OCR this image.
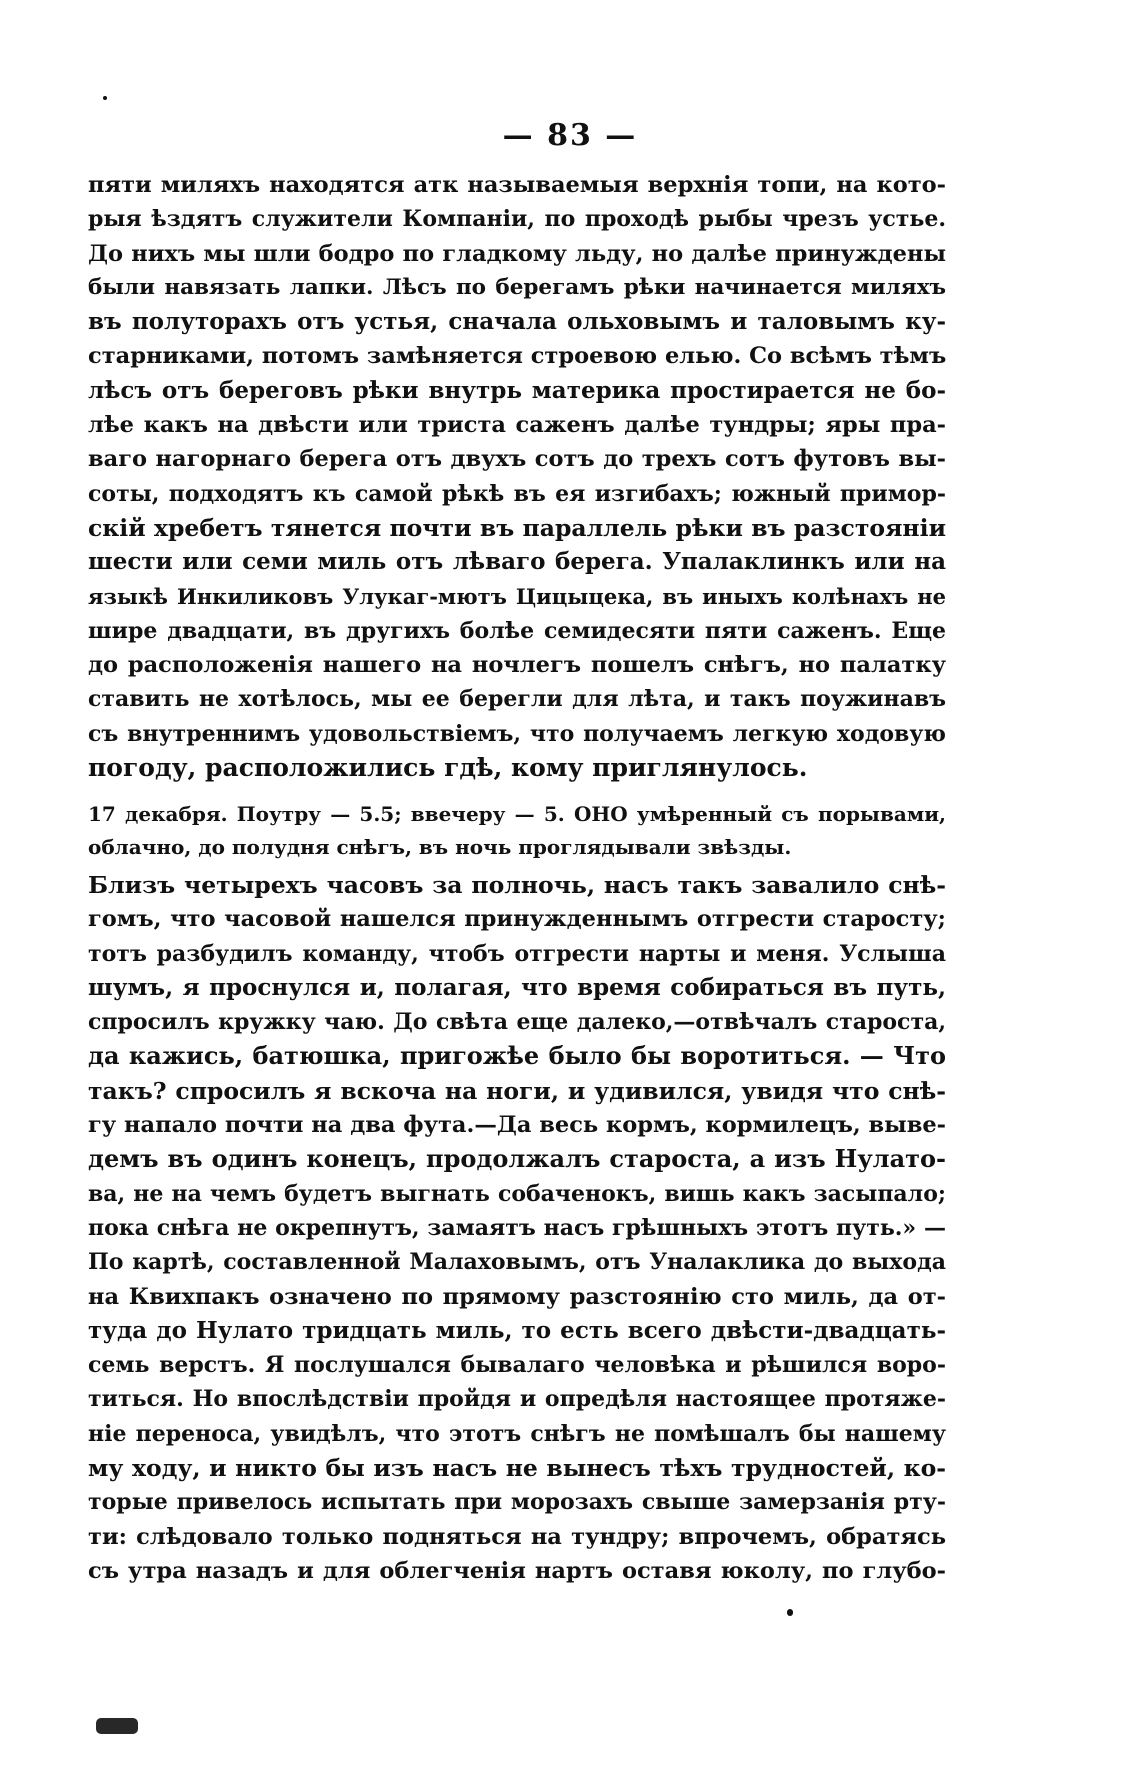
— 83 —
пяти миляхъ находятся атк называемыя верхнія топи, на кото-
рыя ѣздятъ служители Компаніи, по проходѣ рыбы чрезъ устье.
До нихъ мы шли бодро по гладкому льду, но далѣе принуждены
были навязать лапки. Лѣсъ по берегамъ рѣки начинается миляхъ
въ полуторахъ отъ устья, сначала ольховымъ и таловымъ ку-
старниками, потомъ замѣняется строевою елью. Со всѣмъ тѣмъ
лѣсъ отъ береговъ рѣки внутрь материка простирается не бо-
лѣе какъ на двѣсти или триста саженъ далѣе тундры; яры пра-
ваго нагорнаго берега отъ двухъ сотъ до трехъ сотъ футовъ вы-
соты, подходятъ къ самой рѣкѣ въ ея изгибахъ; южный примор-
скій хребетъ тянется почти въ параллель рѣки въ разстояніи
шести или семи миль отъ лѣваго берега. Упалаклинкъ или на
языкѣ Инкиликовъ Улукаг-мютъ Цицыцека, въ иныхъ колѣнахъ не
шире двадцати, въ другихъ болѣе семидесяти пяти саженъ. Еще
до расположенія нашего на ночлегъ пошелъ снѣгъ, но палатку
ставить не хотѣлось, мы ее берегли для лѣта, и такъ поужинавъ
съ внутреннимъ удовольствіемъ, что получаемъ легкую ходовую
погоду, расположились гдѣ, кому приглянулось.
17 декабря. Поутру — 5.5; ввечеру — 5. ОНО умѣренный съ порывами,
облачно, до полудня снѣгъ, въ ночь проглядывали звѣзды.
Близъ четырехъ часовъ за полночь, насъ такъ завалило снѣ-
гомъ, что часовой нашелся принужденнымъ отгрести старосту;
тотъ разбудилъ команду, чтобъ отгрести нарты и меня. Услыша
шумъ, я проснулся и, полагая, что время собираться въ путь,
спросилъ кружку чаю. До свѣта еще далеко,—отвѣчалъ староста,
да кажись, батюшка, пригожѣе было бы воротиться. — Что
такъ? спросилъ я вскоча на ноги, и удивился, увидя что снѣ-
гу напало почти на два фута.—Да весь кормъ, кормилецъ, выве-
демъ въ одинъ конецъ, продолжалъ староста, а изъ Нулато-
ва, не на чемъ будетъ выгнать собаченокъ, вишь какъ засыпало;
пока снѣга не окрепнутъ, замаятъ насъ грѣшныхъ этотъ путь.» —
По картѣ, составленной Малаховымъ, отъ Уналаклика до выхода
на Квихпакъ означено по прямому разстоянію сто миль, да от-
туда до Нулато тридцать миль, то есть всего двѣсти-двадцать-
семь верстъ. Я послушался бывалаго человѣка и рѣшился воро-
титься. Но впослѣдствіи пройдя и опредѣля настоящее протяже-
ніе переноса, увидѣлъ, что этотъ снѣгъ не помѣшалъ бы нашему
му ходу, и никто бы изъ насъ не вынесъ тѣхъ трудностей, ко-
торые привелось испытать при морозахъ свыше замерзанія рту-
ти: слѣдовало только подняться на тундру; впрочемъ, обратясь
съ утра назадъ и для облегченія нартъ оставя юколу, по глубо-
